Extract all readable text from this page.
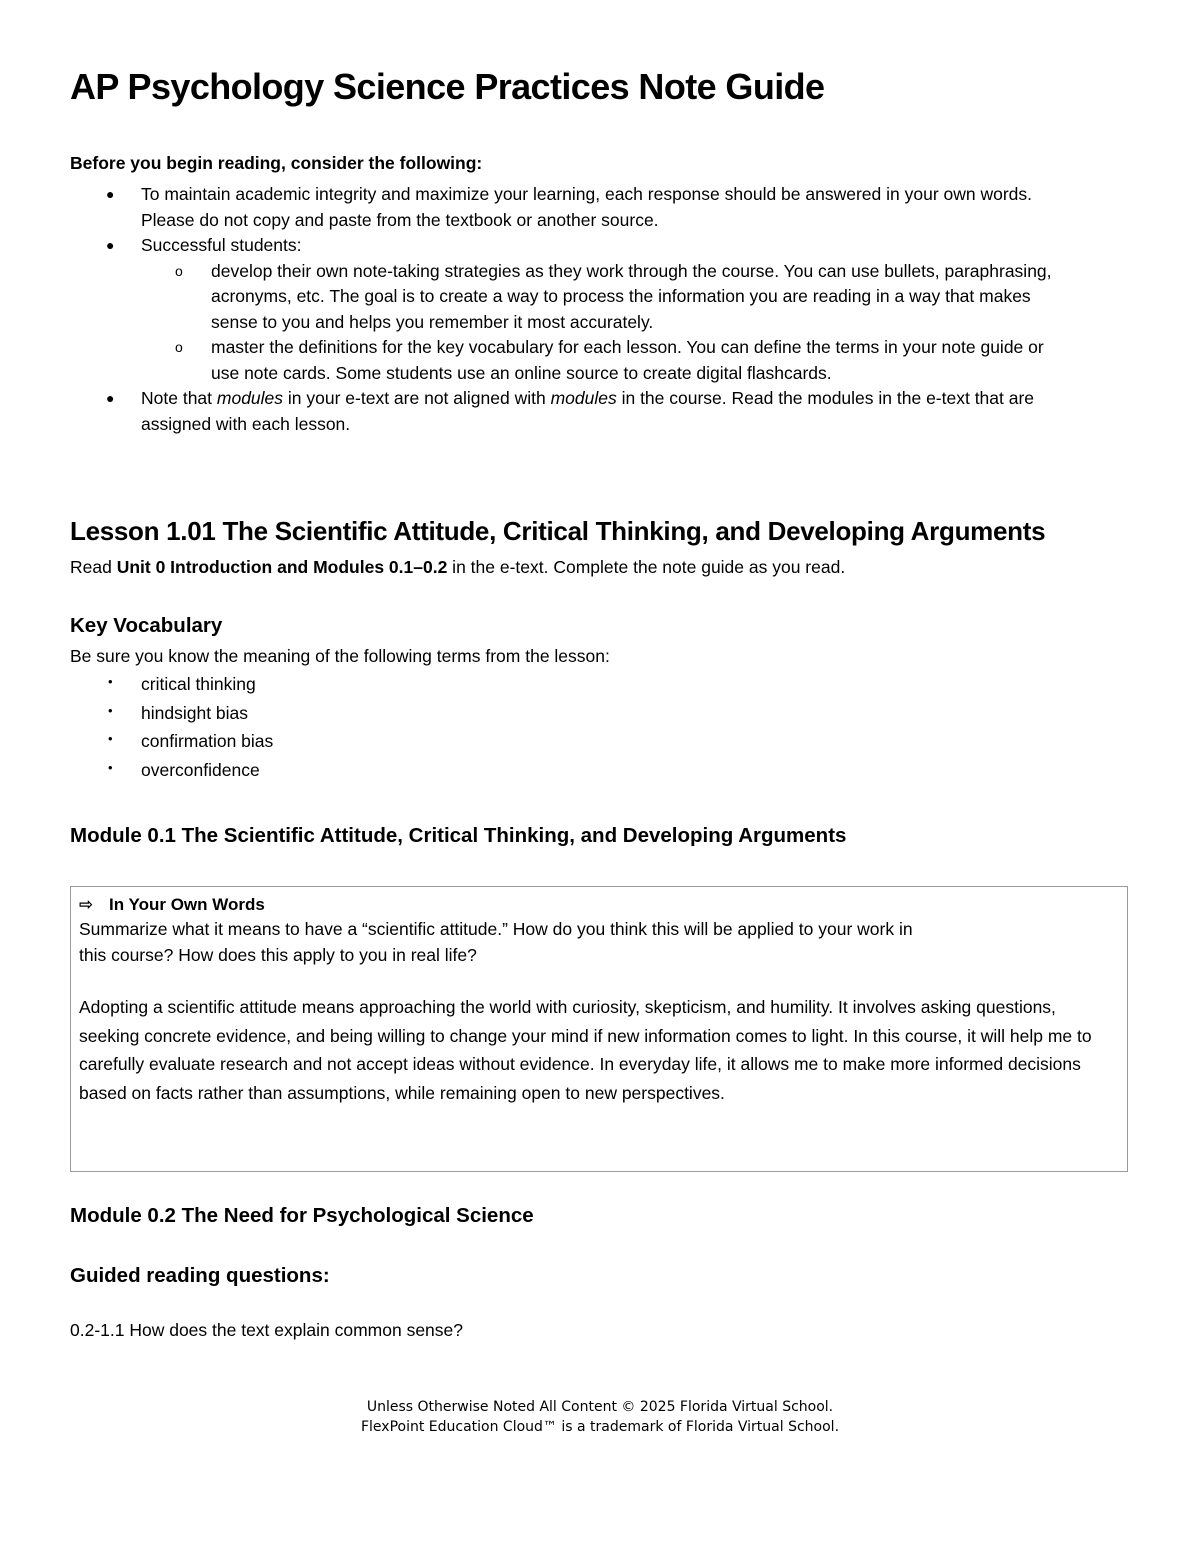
AP Psychology Science Practices Note Guide
Before you begin reading, consider the following:
● To maintain academic integrity and maximize your learning, each response should be answered in your own words. Please do not copy and paste from the textbook or another source.
● Successful students:
o develop their own note-taking strategies as they work through the course. You can use bullets, paraphrasing, acronyms, etc. The goal is to create a way to process the information you are reading in a way that makes sense to you and helps you remember it most accurately.
o master the definitions for the key vocabulary for each lesson. You can define the terms in your note guide or use note cards. Some students use an online source to create digital flashcards.
● Note that modules in your e-text are not aligned with modules in the course. Read the modules in the e-text that are assigned with each lesson.
Lesson 1.01 The Scientific Attitude, Critical Thinking, and Developing Arguments
Read Unit 0 Introduction and Modules 0.1–0.2 in the e-text. Complete the note guide as you read.
Key Vocabulary
Be sure you know the meaning of the following terms from the lesson:
• critical thinking
• hindsight bias
• confirmation bias
• overconfidence
Module 0.1 The Scientific Attitude, Critical Thinking, and Developing Arguments
⇨ In Your Own Words
Summarize what it means to have a “scientific attitude.” How do you think this will be applied to your work in
this course? How does this apply to you in real life?
Adopting a scientific attitude means approaching the world with curiosity, skepticism, and humility. It involves asking questions, seeking concrete evidence, and being willing to change your mind if new information comes to light. In this course, it will help me to carefully evaluate research and not accept ideas without evidence. In everyday life, it allows me to make more informed decisions based on facts rather than assumptions, while remaining open to new perspectives.
Module 0.2 The Need for Psychological Science
Guided reading questions:
0.2-1.1 How does the text explain common sense?
Unless Otherwise Noted All Content © 2025 Florida Virtual School.
FlexPoint Education Cloud™ is a trademark of Florida Virtual School.
